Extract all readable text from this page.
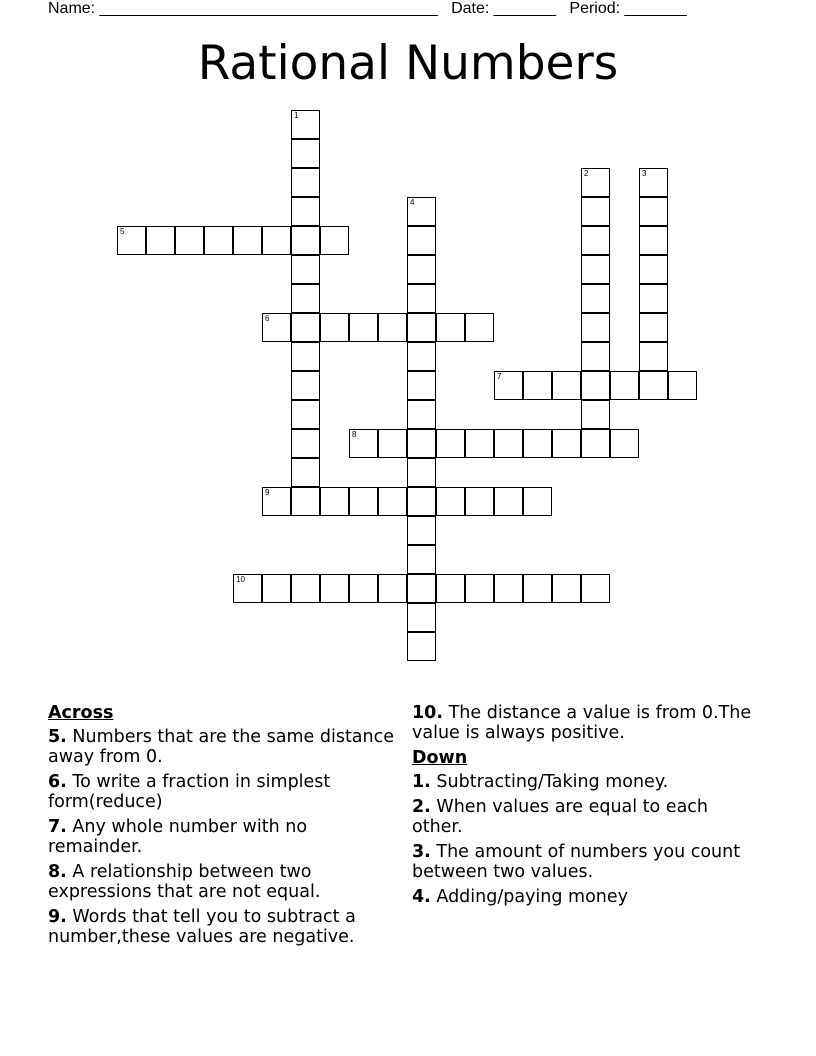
Name: ______________________________________ Date: _______ Period: _______
Rational Numbers
1
2	3
4
5
6
7
8
9
10
Across
5. Numbers that are the same distance away from 0.
6. To write a fraction in simplest form(reduce)
7. Any whole number with no remainder.
8. A relationship between two expressions that are not equal.
9. Words that tell you to subtract a number,these values are negative.
10. The distance a value is from 0.The value is always positive.
Down
1. Subtracting/Taking money.
2. When values are equal to each other.
3. The amount of numbers you count between two values.
4. Adding/paying money
